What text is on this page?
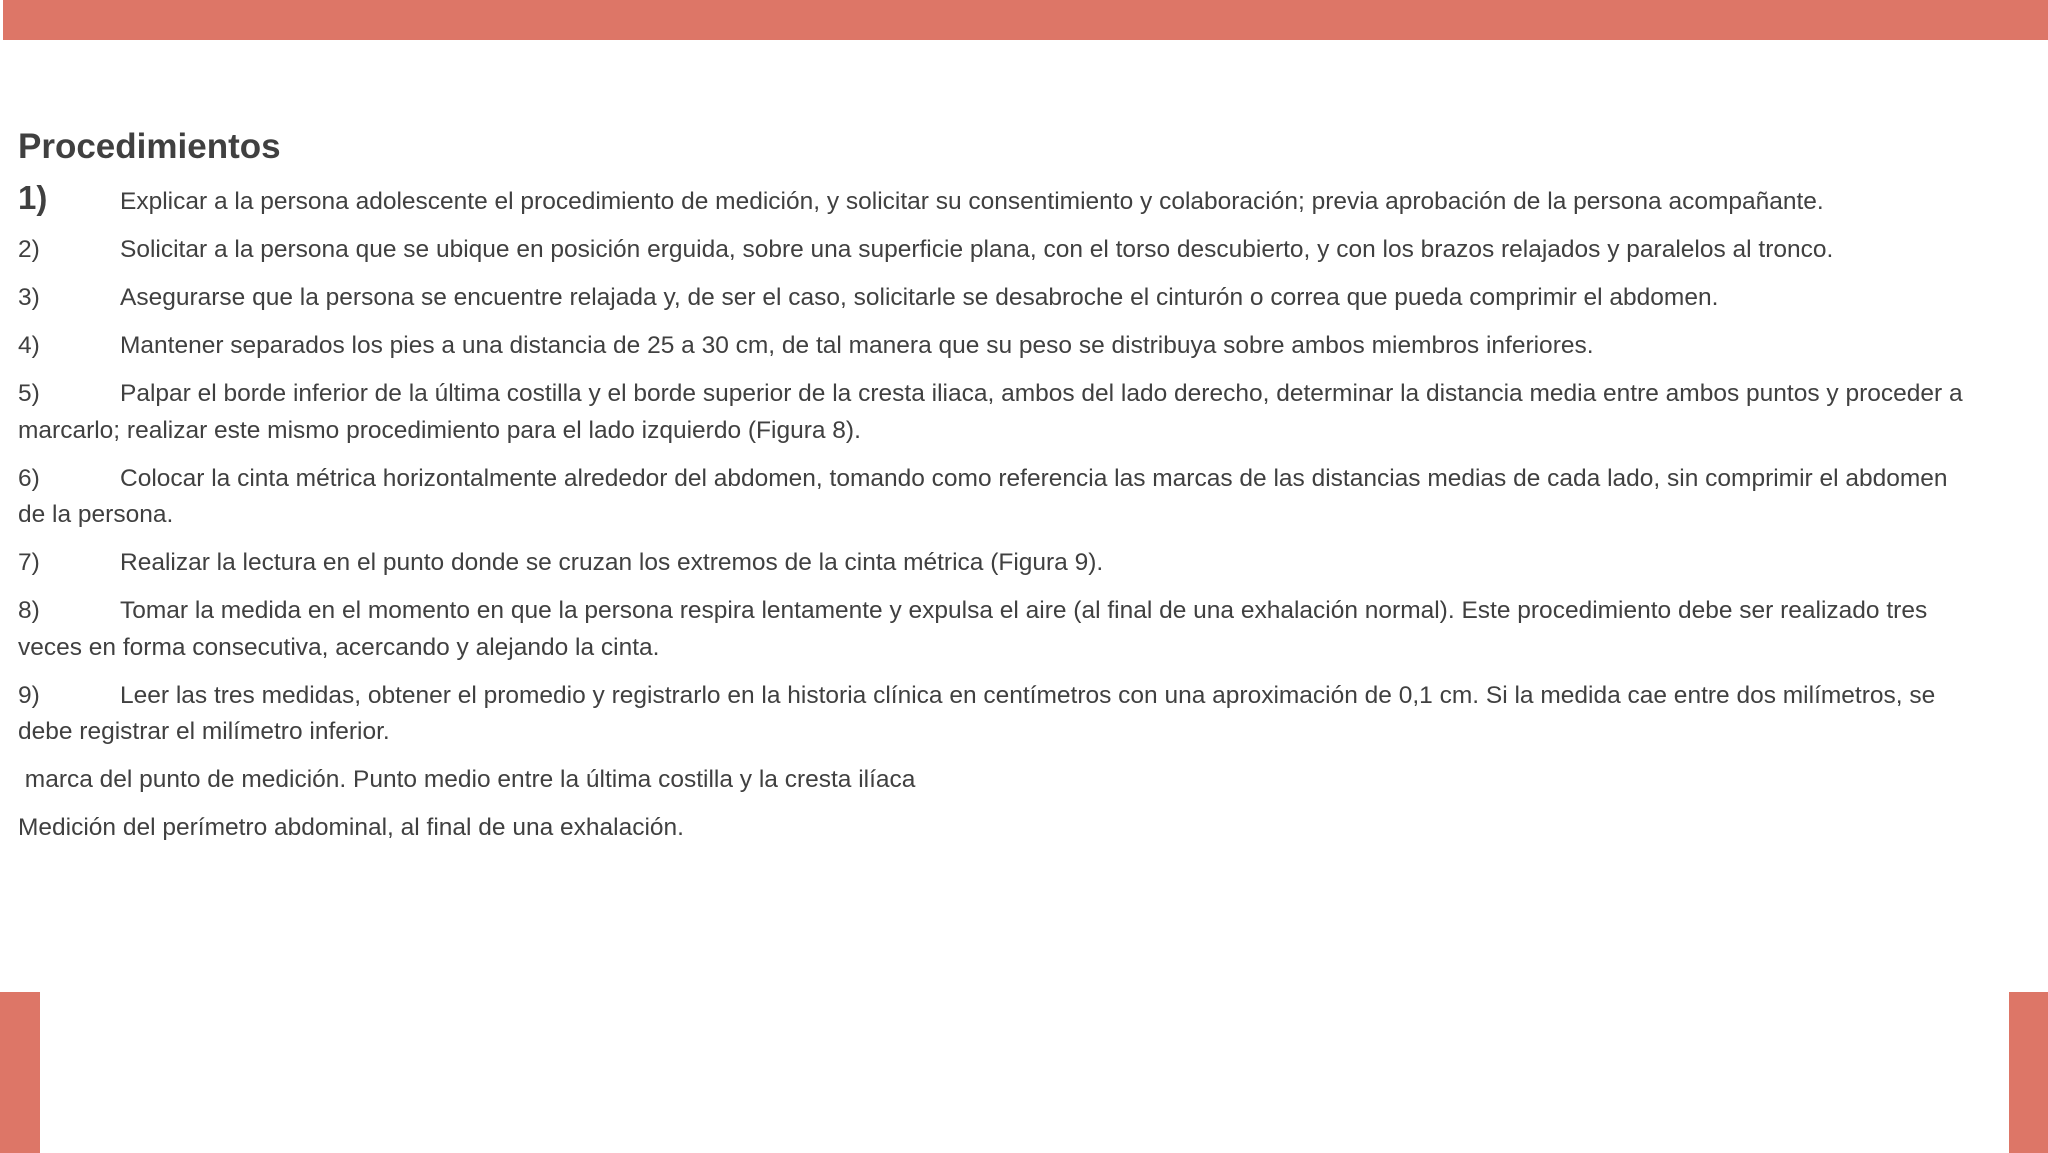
Procedimientos
1)	Explicar a la persona adolescente el procedimiento de medición, y solicitar su consentimiento y colaboración; previa aprobación de la persona acompañante.
2)	Solicitar a la persona que se ubique en posición erguida, sobre una superficie plana, con el torso descubierto, y con los brazos relajados y paralelos al tronco.
3)	Asegurarse que la persona se encuentre relajada y, de ser el caso, solicitarle se desabroche el cinturón o correa que pueda comprimir el abdomen.
4)	Mantener separados los pies a una distancia de 25 a 30 cm, de tal manera que su peso se distribuya sobre ambos miembros inferiores.
5)	Palpar el borde inferior de la última costilla y el borde superior de la cresta iliaca, ambos del lado derecho, determinar la distancia media entre ambos puntos y proceder a marcarlo; realizar este mismo procedimiento para el lado izquierdo (Figura 8).
6)	Colocar la cinta métrica horizontalmente alrededor del abdomen, tomando como referencia las marcas de las distancias medias de cada lado, sin comprimir el abdomen de la persona.
7)	Realizar la lectura en el punto donde se cruzan los extremos de la cinta métrica (Figura 9).
8)	Tomar la medida en el momento en que la persona respira lentamente y expulsa el aire (al final de una exhalación normal). Este procedimiento debe ser realizado tres veces en forma consecutiva, acercando y alejando la cinta.
9)	Leer las tres medidas, obtener el promedio y registrarlo en la historia clínica en centímetros con una aproximación de 0,1 cm. Si la medida cae entre dos milímetros, se debe registrar el milímetro inferior.
marca del punto de medición. Punto medio entre la última costilla y la cresta ilíaca
Medición del perímetro abdominal, al final de una exhalación.
